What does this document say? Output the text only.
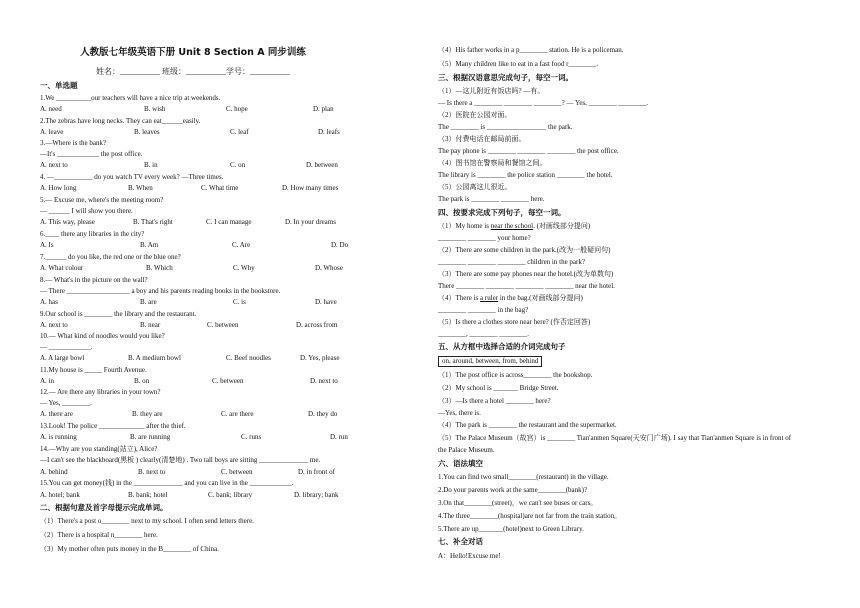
人教版七年级英语下册 Unit 8 Section A 同步训练
姓名：__________ 班级：__________学号：__________
一、单选题
1.We __________our teachers will have a nice trip at weekends.
A. need	B. wish	C. hope	D. plan
2.The zebras have long necks. They can eat______easily.
A. leave	B. leaves	C. leaf	D. leafs
3.—Where is the bank?
—It's ____________ the post office.
A. next to	B. in	C. on	D. between
4. —___________ do you watch TV every week? —Three times.
A. How long	B. When	C. What time	D. How many times
5.— Excuse me, where's the meeting room?
— ______ I will show you there.
A. This way, please	B. That's right	C. I can manage	D. In your dreams
6.____ there any libraries in the city?
A. Is	B. Am	C. Are	D. Do
7.______ do you like, the red one or the blue one?
A. What colour	B. Which	C. Why	D. Whose
8.— What's in the picture on the wall?
— There __________________ a boy and his parents reading books in the bookstore.
A. has	B. are	C. is	D. have
9.Our school is ________ the library and the restaurant.
A. next to	B. near	C. between	D. across from
10.— What kind of noodles would you like?
— ____________.
A. A large bowl	B. A medium bowl	C. Beef noodles	D. Yes, please
11.My house is _____ Fourth Avenue.
A. in	B. on	C. between	D. next to
12.— Are there any libraries in your town?
— Yes, ________.
A. there are	B. they are	C. are there	D. they do
13.Look! The police _____________ after the thief.
A. is running	B. are running	C. runs	D. run
14.—Why are you standing(站立), Alice?
—I can't see the blackboard(黑板 ) clearly(清楚地) . Two tall boys are sitting ______________ me.
A. behind	B. next to	C. between	D. in front of
15.You can get money(钱) in the ______________ and you can live in the ____________.
A. hotel; bank	B. bank; hotel	C. bank; library	D. library; bank
二、根据句意及首字母提示完成单词。
（1）There's a post o________ next to my school. I often send letters there.
（2）There is a hospital n________ here.
（3）My mother often puts money in the B________ of China.
（4）His father works in a p________ station. He is a policeman.
（5）Many children like to eat in a fast food r________.
三、根据汉语意思完成句子，每空一词。
（1）—这儿附近有饭店吗? —有。
— Is there a ________ ________ ________? — Yes, ________ ________.
（2）医院在公园对面。
The ________ is _________________ the park.
（3）付费电话在邮局前面。
The pay phone is ________ ________ ________ the post office.
（4）图书馆在警察局和餐馆之间。
The library is ________ the police station ________ the hotel.
（5）公园离这儿很近。
The park is ________ ________ here.
四、按要求完成下列句子，每空一词。
（1）My home is near the school. (对画线部分提问)
________ ________ your home?
（2）There are some children in the park.(改为一般疑问句)
________ ________ ________ children in the park?
（3）There are some pay phones near the hotel.(改为单数句)
There ________ ________ ________ ________ near the hotel.
（4）There is a ruler in the bag.(对画线部分提问)
________ ________ in the bag?
（5）Is there a clothes store near here? (作否定回答)
________, ________ ________.
五、从方框中选择合适的介词完成句子
on, around, between, from, behind
（1）The post office is across________ the bookshop.
（2）My school is _______ Bridge Street.
（3）—Is there a hotel ________ here?
—Yes, there is.
（4）The park is ________ the restaurant and the supermarket.
（5）The Palace Museum（故宫）is ________ Tian'anmen Square(天安门广场). I say that Tian'anmen Square is in front of
the Palace Museum.
六、语法填空
1.You can find two small________(restaurant) in the village.
2.Do your parents work at the same________(bank)?
3.On that________(street)，we can't see buses or cars。
4.The three________(hospital)are not far from the train station。
5.There are up_______(hotel)next to Green Library.
七、补全对话
A：Hello!Excuse me!
